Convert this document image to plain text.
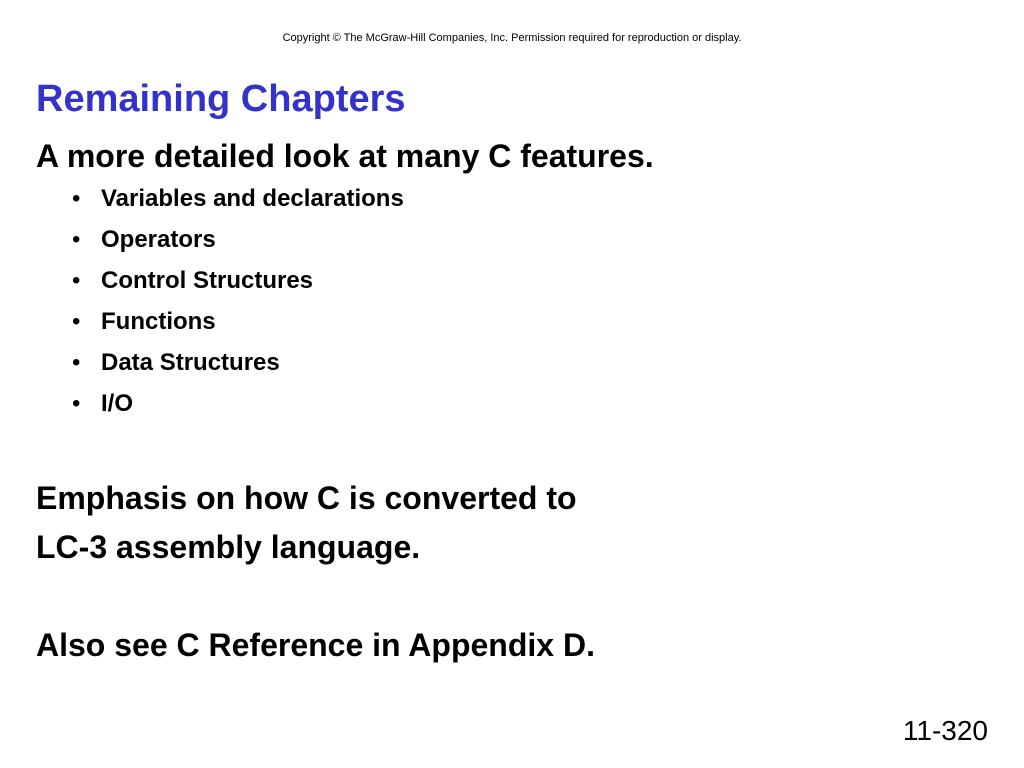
Copyright © The McGraw-Hill Companies, Inc. Permission required for reproduction or display.
Remaining Chapters

A more detailed look at many C features.

• Variables and declarations
• Operators
• Control Structures
• Functions
• Data Structures
• I/O

Emphasis on how C is converted to

LC-3 assembly language.

Also see C Reference in Appendix D.

11-320
